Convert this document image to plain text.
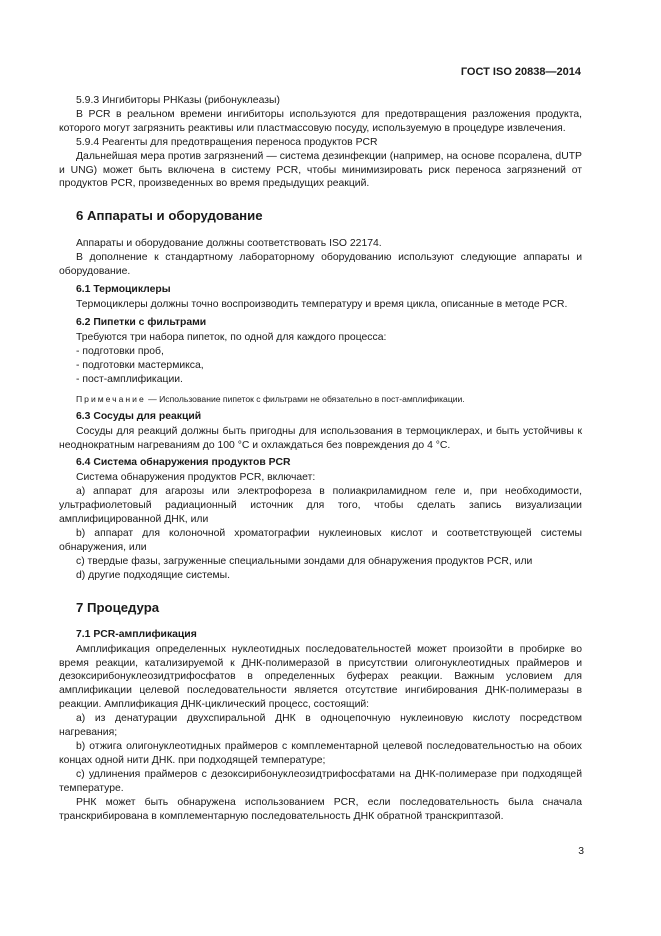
ГОСТ ISO 20838—2014

5.9.3 Ингибиторы РНКазы (рибонуклеазы)

В PCR в реальном времени ингибиторы используются для предотвращения разложения продукта, которого могут загрязнить реактивы или пластмассовую посуду, используемую в процедуре извлечения.

5.9.4 Реагенты для предотвращения переноса продуктов PCR

Дальнейшая мера против загрязнений — система дезинфекции (например, на основе псоралена, dUTP и UNG) может быть включена в систему PCR, чтобы минимизировать риск переноса загрязнений от продуктов PCR, произведенных во время предыдущих реакций.

6 Аппараты и оборудование

Аппараты и оборудование должны соответствовать ISO 22174.

В дополнение к стандартному лабораторному оборудованию используют следующие аппараты и оборудование.

6.1 Термоциклеры

Термоциклеры должны точно воспроизводить температуру и время цикла, описанные в методе PCR.

6.2 Пипетки с фильтрами

Требуются три набора пипеток, по одной для каждого процесса:

- подготовки проб,

- подготовки мастермикса,

- пост-амплификации.

Примечание — Использование пипеток с фильтрами не обязательно в пост-амплификации.

6.3 Сосуды для реакций

Сосуды для реакций должны быть пригодны для использования в термоциклерах, и быть устойчивы к неоднократным нагреваниям до 100 °С и охлаждаться без повреждения до 4 °С.

6.4 Система обнаружения продуктов PCR

Система обнаружения продуктов PCR, включает:

a) аппарат для агарозы или электрофореза в полиакриламидном геле и, при необходимости, ультрафиолетовый радиационный источник для того, чтобы сделать запись визуализации амплифицированной ДНК, или

b) аппарат для колоночной хроматографии нуклеиновых кислот и соответствующей системы обнаружения, или

c) твердые фазы, загруженные специальными зондами для обнаружения продуктов PCR, или

d) другие подходящие системы.

7 Процедура
7.1 PCR-амплификация

Амплификация определенных нуклеотидных последовательностей может произойти в пробирке во время реакции, катализируемой к ДНК-полимеразой в присутствии олигонуклеотидных праймеров и дезоксирибонуклеозидтрифосфатов в определенных буферах реакции. Важным условием для амплификации целевой последовательности является отсутствие ингибирования ДНК-полимеразы в реакции. Амплификация ДНК-циклический процесс, состоящий:

a) из денатурации двухспиральной ДНК в одноцепочную нуклеиновую кислоту посредством нагревания;

b) отжига олигонуклеотидных праймеров с комплементарной целевой последовательностью на обоих концах одной нити ДНК. при подходящей температуре;

c) удлинения праймеров с дезоксирибонуклеозидтрифосфатами на ДНК-полимеразе при подходящей температуре.

РНК может быть обнаружена использованием PCR, если последовательность была сначала транскрибирована в комплементарную последовательность ДНК обратной транскриптазой.

3
